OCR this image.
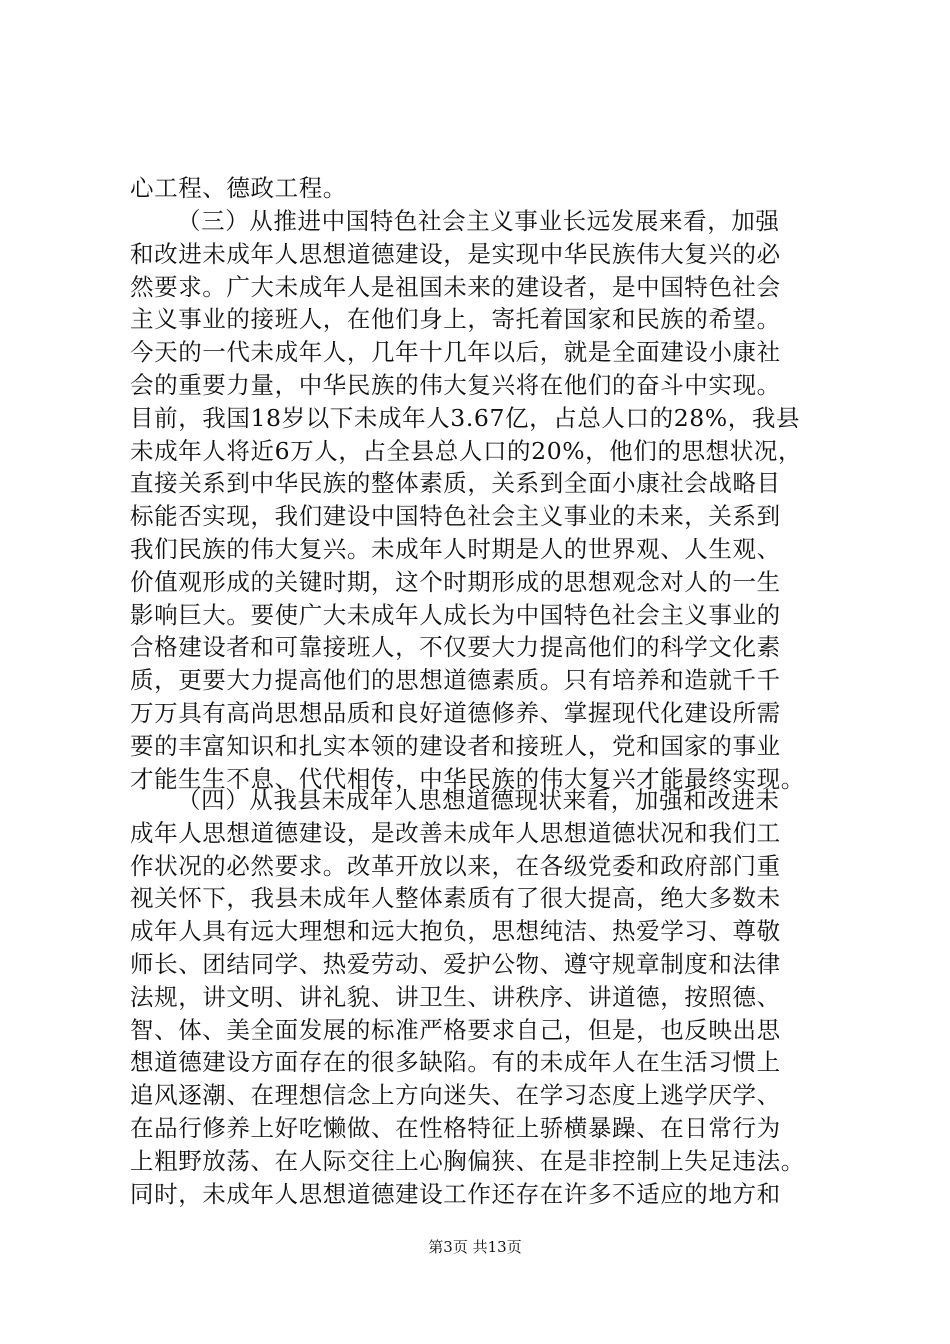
心工程、德政工程。
（三）从推进中国特色社会主义事业长远发展来看，加强
和改进未成年人思想道德建设，是实现中华民族伟大复兴的必
然要求。广大未成年人是祖国未来的建设者，是中国特色社会
主义事业的接班人，在他们身上，寄托着国家和民族的希望。
今天的一代未成年人，几年十几年以后，就是全面建设小康社
会的重要力量，中华民族的伟大复兴将在他们的奋斗中实现。
目前，我国18岁以下未成年人3.67亿，占总人口的28%，我县
未成年人将近6万人，占全县总人口的20%，他们的思想状况，
直接关系到中华民族的整体素质，关系到全面小康社会战略目
标能否实现，我们建设中国特色社会主义事业的未来，关系到
我们民族的伟大复兴。未成年人时期是人的世界观、人生观、
价值观形成的关键时期，这个时期形成的思想观念对人的一生
影响巨大。要使广大未成年人成长为中国特色社会主义事业的
合格建设者和可靠接班人，不仅要大力提高他们的科学文化素
质，更要大力提高他们的思想道德素质。只有培养和造就千千
万万具有高尚思想品质和良好道德修养、掌握现代化建设所需
要的丰富知识和扎实本领的建设者和接班人，党和国家的事业
才能生生不息、代代相传，中华民族的伟大复兴才能最终实现。
（四）从我县未成年人思想道德现状来看，加强和改进未
成年人思想道德建设，是改善未成年人思想道德状况和我们工
作状况的必然要求。改革开放以来，在各级党委和政府部门重
视关怀下，我县未成年人整体素质有了很大提高，绝大多数未
成年人具有远大理想和远大抱负，思想纯洁、热爱学习、尊敬
师长、团结同学、热爱劳动、爱护公物、遵守规章制度和法律
法规，讲文明、讲礼貌、讲卫生、讲秩序、讲道德，按照德、
智、体、美全面发展的标准严格要求自己，但是，也反映出思
想道德建设方面存在的很多缺陷。有的未成年人在生活习惯上
追风逐潮、在理想信念上方向迷失、在学习态度上逃学厌学、
在品行修养上好吃懒做、在性格特征上骄横暴躁、在日常行为
上粗野放荡、在人际交往上心胸偏狭、在是非控制上失足违法。
同时，未成年人思想道德建设工作还存在许多不适应的地方和
第3页 共13页
